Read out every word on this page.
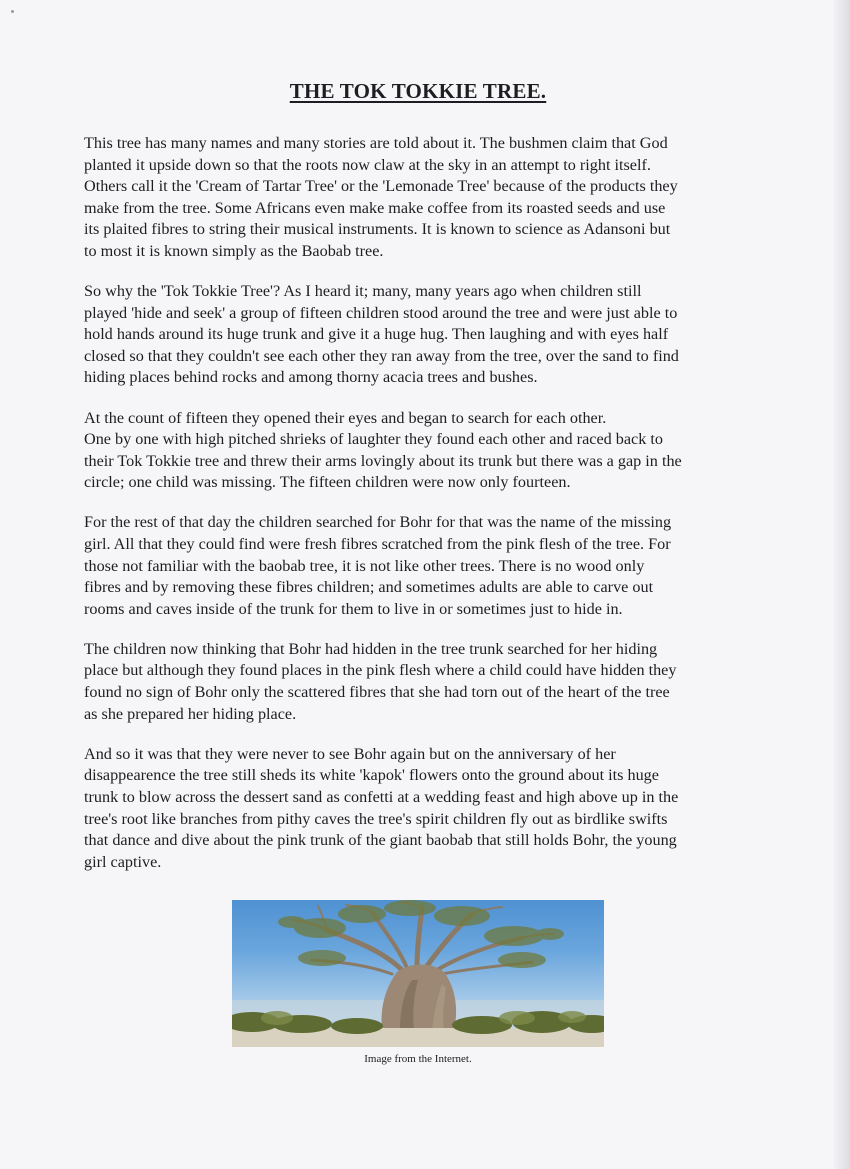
THE TOK TOKKIE TREE.

This tree has many names and many stories are told about it. The bushmen claim that God
planted it upside down so that the roots now claw at the sky in an attempt to right itself.
Others call it the 'Cream of Tartar Tree' or the 'Lemonade Tree' because of the products they
make from the tree. Some Africans even make make coffee from its roasted seeds and use
its plaited fibres to string their musical instruments. It is known to science as Adansoni but
to most it is known simply as the Baobab tree.

So why the 'Tok Tokkie Tree'? As I heard it; many, many years ago when children still
played 'hide and seek' a group of fifteen children stood around the tree and were just able to
hold hands around its huge trunk and give it a huge hug. Then laughing and with eyes half
closed so that they couldn't see each other they ran away from the tree, over the sand to find
hiding places behind rocks and among thorny acacia trees and bushes.

At the count of fifteen they opened their eyes and began to search for each other.
One by one with high pitched shrieks of laughter they found each other and raced back to
their Tok Tokkie tree and threw their arms lovingly about its trunk but there was a gap in the
circle; one child was missing. The fifteen children were now only fourteen.

For the rest of that day the children searched for Bohr for that was the name of the missing
girl. All that they could find were fresh fibres scratched from the pink flesh of the tree. For
those not familiar with the baobab tree, it is not like other trees. There is no wood only
fibres and by removing these fibres children; and sometimes adults are able to carve out
rooms and caves inside of the trunk for them to live in or sometimes just to hide in.

The children now thinking that Bohr had hidden in the tree trunk searched for her hiding
place but although they found places in the pink flesh where a child could have hidden they
found no sign of Bohr only the scattered fibres that she had torn out of the heart of the tree
as she prepared her hiding place.

And so it was that they were never to see Bohr again but on the anniversary of her
disappearence the tree still sheds its white 'kapok' flowers onto the ground about its huge
trunk to blow across the dessert sand as confetti at a wedding feast and high above up in the
tree's root like branches from pithy caves the tree's spirit children fly out as birdlike swifts
that dance and dive about the pink trunk of the giant baobab that still holds Bohr, the young
girl captive.

Image from the Internet.
